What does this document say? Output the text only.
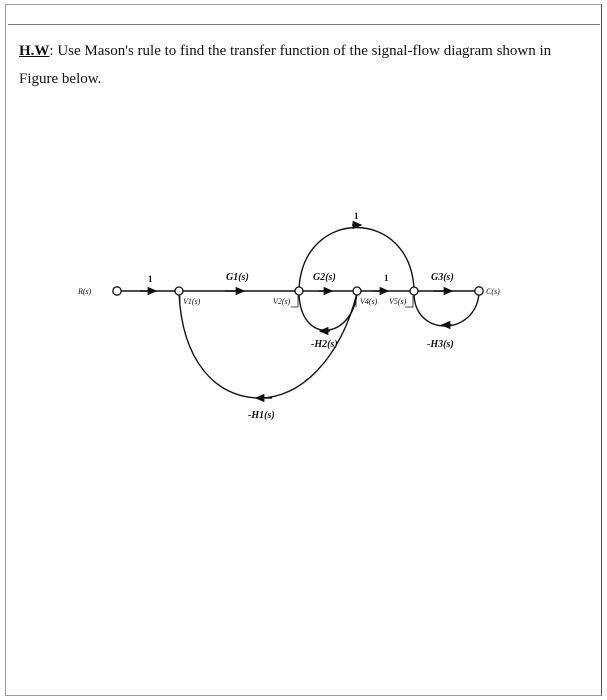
H.W: Use Mason's rule to find the transfer function of the signal-flow diagram shown in Figure below.
R(s)	C(s)
V1(s)	V2(s)	V4(s) V5(s)
1	G1(s)	G2(s)	1	G3(s)
1
-H2(s)	-H3(s)
-H1(s)
